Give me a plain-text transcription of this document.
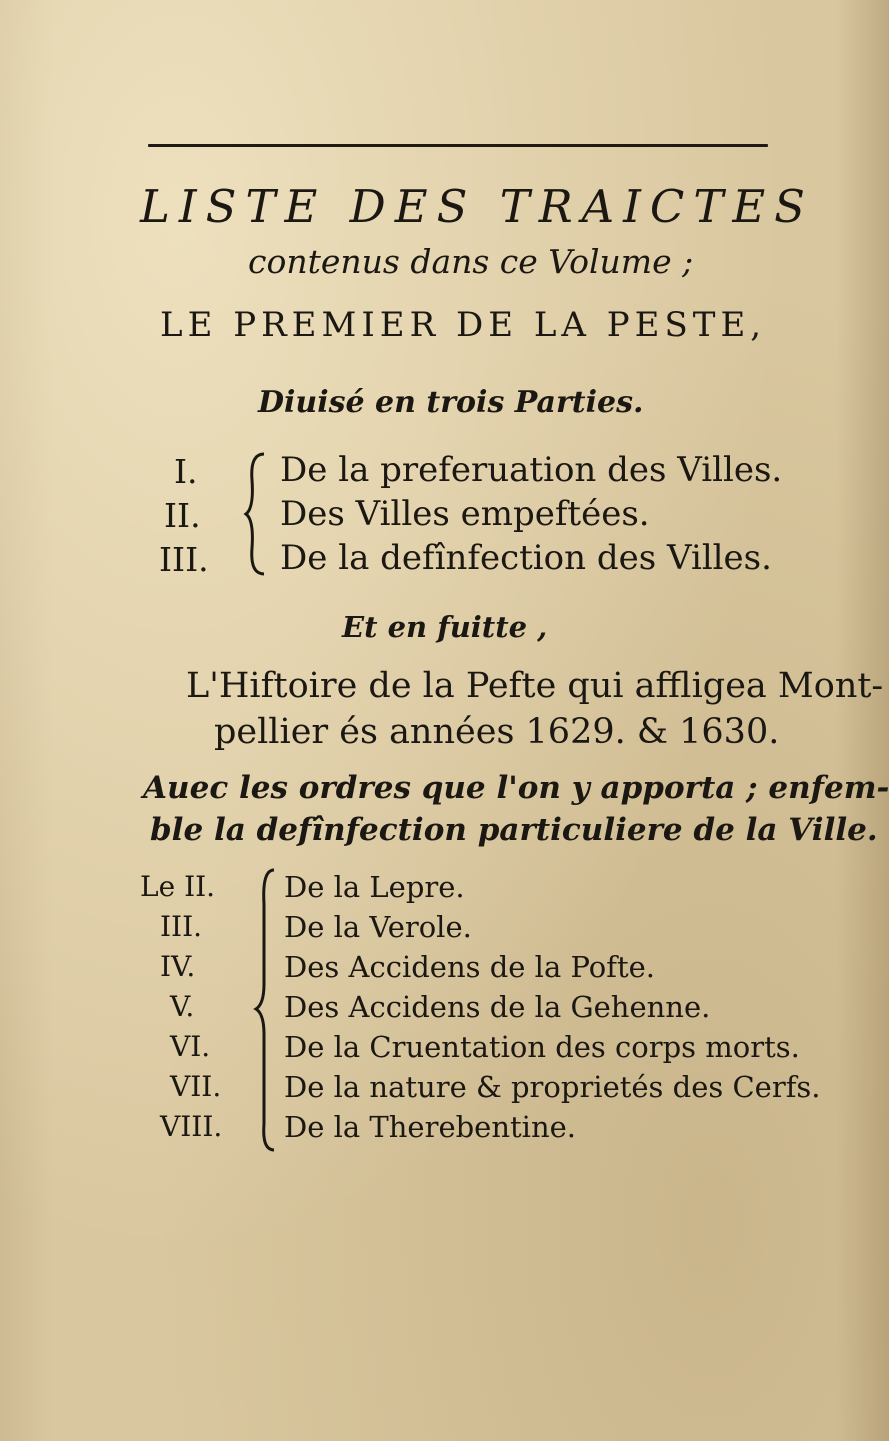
LISTE DES TRAICTES
contenus dans ce Volume ;
LE PREMIER DE LA PESTE,
Diuisé en trois Parties.
I.
II.
III.
De la preferuation des Villes.
Des Villes empeftées.
De la defînfection des Villes.
Et en fuitte ,
L'Hiftoire de la Pefte qui affligea Mont-
pellier és années 1629. & 1630.
Auec les ordres que l'on y apporta ; enfem-
ble la defînfection particuliere de la Ville.
Le II.
III.
IV.
V.
VI.
VII.
VIII.
De la Lepre.
De la Verole.
Des Accidens de la Pofte.
Des Accidens de la Gehenne.
De la Cruentation des corps morts.
De la nature & proprietés des Cerfs.
De la Therebentine.
